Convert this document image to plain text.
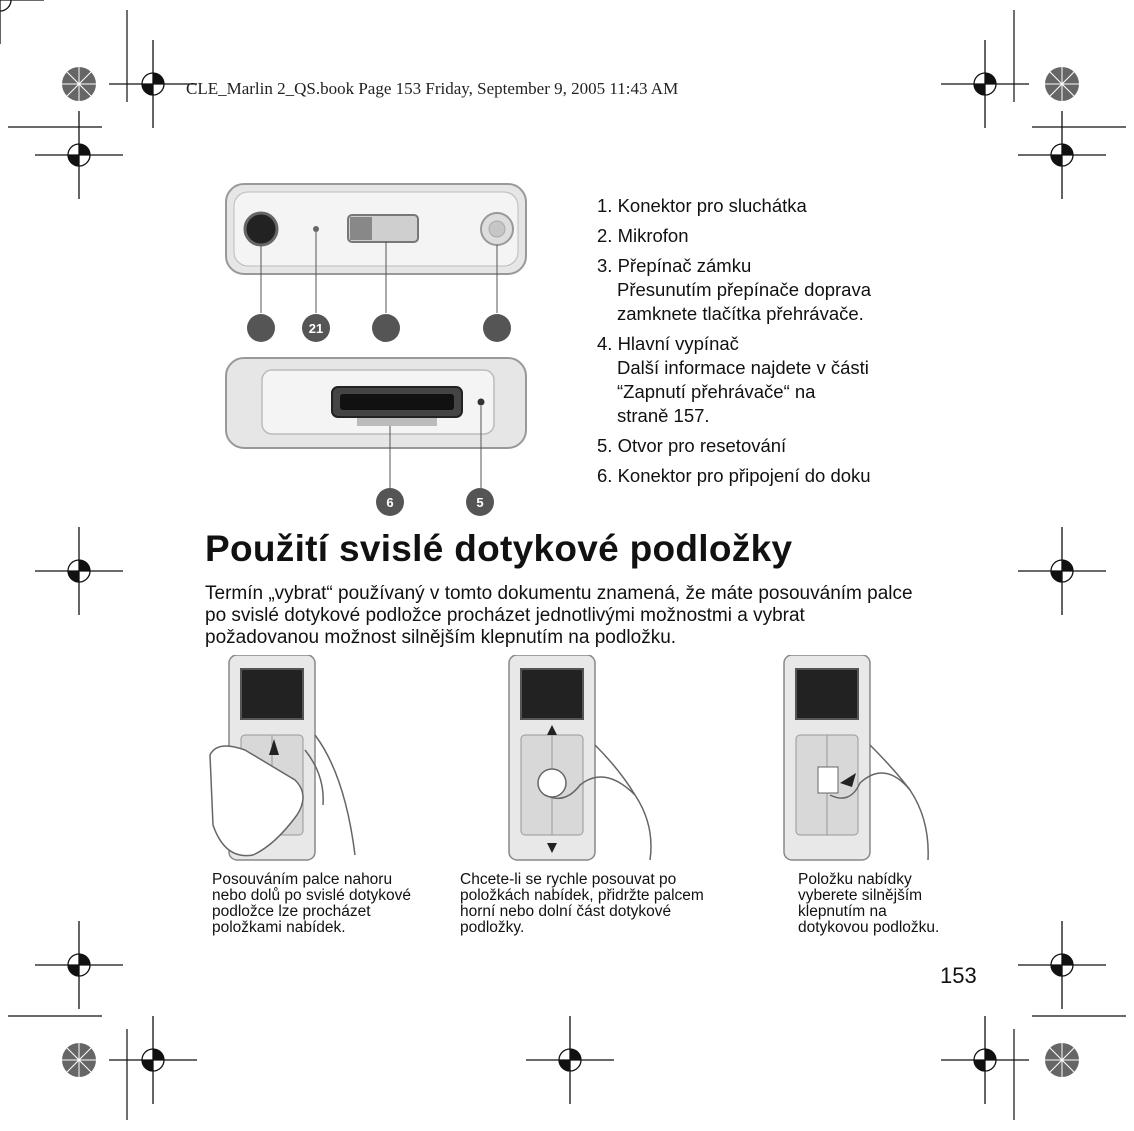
CLE_Marlin 2_QS.book Page 153 Friday, September 9, 2005 11:43 AM
21
6	5
1. Konektor pro sluchátka
2. Mikrofon
3. Přepínač zámku
Přesunutím přepínače doprava
zamknete tlačítka přehrávače.
4. Hlavní vypínač
Další informace najdete v části
“Zapnutí přehrávače“ na
straně 157.
5. Otvor pro resetování
6. Konektor pro připojení do doku
Použití svislé dotykové podložky
Termín „vybrat“ používaný v tomto dokumentu znamená, že máte posouváním palce
po svislé dotykové podložce procházet jednotlivými možnostmi a vybrat
požadovanou možnost silnějším klepnutím na podložku.
Posouváním palce nahoru
nebo dolů po svislé dotykové
podložce lze procházet
položkami nabídek.
Chcete-li se rychle posouvat po
položkách nabídek, přidržte palcem
horní nebo dolní část dotykové
podložky.
Položku nabídky
vyberete silnějším
klepnutím na
dotykovou podložku.
153
